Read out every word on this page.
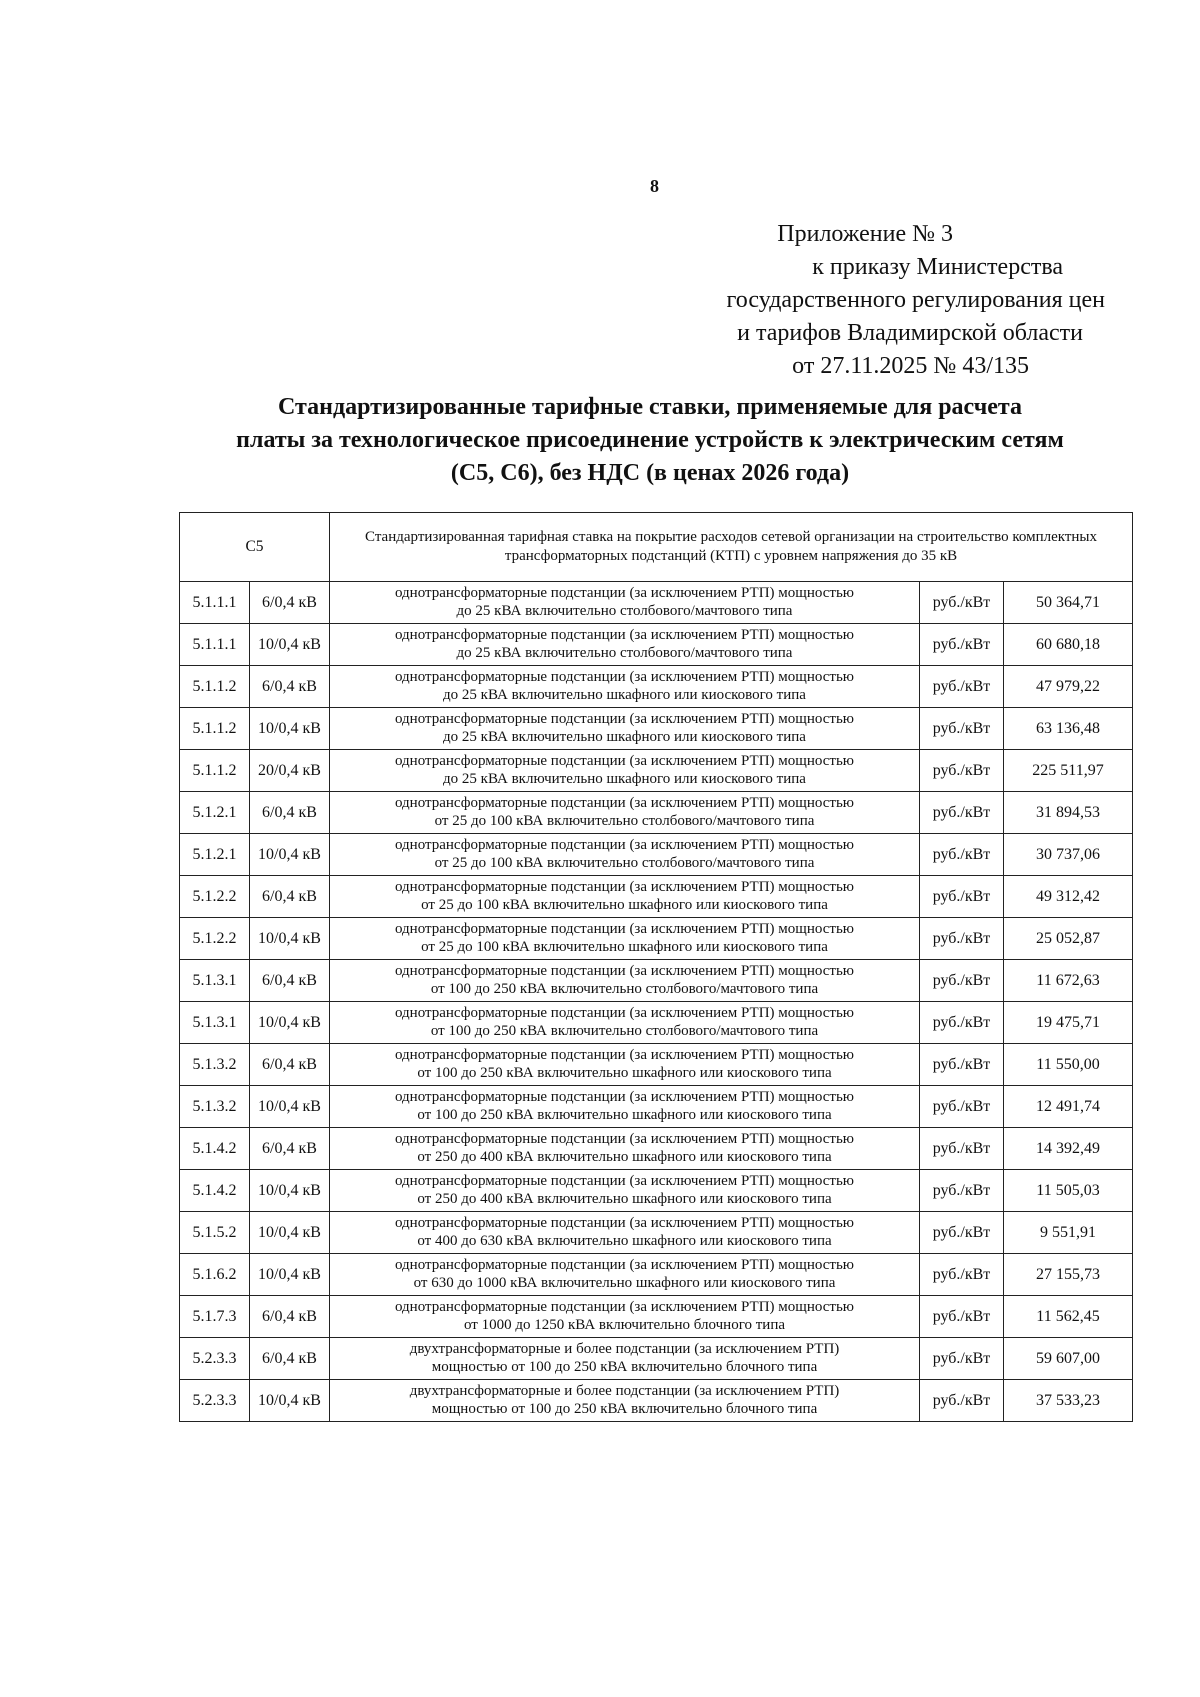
8
Приложение № 3
к приказу Министерства
государственного регулирования цен
и тарифов Владимирской области
от 27.11.2025 № 43/135
Стандартизированные тарифные ставки, применяемые для расчета
платы за технологическое присоединение устройств к электрическим сетям
(С5, С6), без НДС (в ценах 2026 года)
С5		Стандартизированная тарифная ставка на покрытие расходов сетевой организации на строительство комплектных трансформаторных подстанций (КТП) с уровнем напряжения до 35 кВ		
5.1.1.1	6/0,4 кВ	однотрансформаторные подстанции (за исключением РТП) мощностью
до 25 кВА включительно столбового/мачтового типа	руб./кВт	50 364,71
5.1.1.1	10/0,4 кВ	однотрансформаторные подстанции (за исключением РТП) мощностью
до 25 кВА включительно столбового/мачтового типа	руб./кВт	60 680,18
5.1.1.2	6/0,4 кВ	однотрансформаторные подстанции (за исключением РТП) мощностью
до 25 кВА включительно шкафного или киоскового типа	руб./кВт	47 979,22
5.1.1.2	10/0,4 кВ	однотрансформаторные подстанции (за исключением РТП) мощностью
до 25 кВА включительно шкафного или киоскового типа	руб./кВт	63 136,48
5.1.1.2	20/0,4 кВ	однотрансформаторные подстанции (за исключением РТП) мощностью
до 25 кВА включительно шкафного или киоскового типа	руб./кВт	225 511,97
5.1.2.1	6/0,4 кВ	однотрансформаторные подстанции (за исключением РТП) мощностью
от 25 до 100 кВА включительно столбового/мачтового типа	руб./кВт	31 894,53
5.1.2.1	10/0,4 кВ	однотрансформаторные подстанции (за исключением РТП) мощностью
от 25 до 100 кВА включительно столбового/мачтового типа	руб./кВт	30 737,06
5.1.2.2	6/0,4 кВ	однотрансформаторные подстанции (за исключением РТП) мощностью
от 25 до 100 кВА включительно шкафного или киоскового типа	руб./кВт	49 312,42
5.1.2.2	10/0,4 кВ	однотрансформаторные подстанции (за исключением РТП) мощностью
от 25 до 100 кВА включительно шкафного или киоскового типа	руб./кВт	25 052,87
5.1.3.1	6/0,4 кВ	однотрансформаторные подстанции (за исключением РТП) мощностью
от 100 до 250 кВА включительно столбового/мачтового типа	руб./кВт	11 672,63
5.1.3.1	10/0,4 кВ	однотрансформаторные подстанции (за исключением РТП) мощностью
от 100 до 250 кВА включительно столбового/мачтового типа	руб./кВт	19 475,71
5.1.3.2	6/0,4 кВ	однотрансформаторные подстанции (за исключением РТП) мощностью
от 100 до 250 кВА включительно шкафного или киоскового типа	руб./кВт	11 550,00
5.1.3.2	10/0,4 кВ	однотрансформаторные подстанции (за исключением РТП) мощностью
от 100 до 250 кВА включительно шкафного или киоскового типа	руб./кВт	12 491,74
5.1.4.2	6/0,4 кВ	однотрансформаторные подстанции (за исключением РТП) мощностью
от 250 до 400 кВА включительно шкафного или киоскового типа	руб./кВт	14 392,49
5.1.4.2	10/0,4 кВ	однотрансформаторные подстанции (за исключением РТП) мощностью
от 250 до 400 кВА включительно шкафного или киоскового типа	руб./кВт	11 505,03
5.1.5.2	10/0,4 кВ	однотрансформаторные подстанции (за исключением РТП) мощностью
от 400 до 630 кВА включительно шкафного или киоскового типа	руб./кВт	9 551,91
5.1.6.2	10/0,4 кВ	однотрансформаторные подстанции (за исключением РТП) мощностью
от 630 до 1000 кВА включительно шкафного или киоскового типа	руб./кВт	27 155,73
5.1.7.3	6/0,4 кВ	однотрансформаторные подстанции (за исключением РТП) мощностью
от 1000 до 1250 кВА включительно блочного типа	руб./кВт	11 562,45
5.2.3.3	6/0,4 кВ	двухтрансформаторные и более подстанции (за исключением РТП)
мощностью от 100 до 250 кВА включительно блочного типа	руб./кВт	59 607,00
5.2.3.3	10/0,4 кВ	двухтрансформаторные и более подстанции (за исключением РТП)
мощностью от 100 до 250 кВА включительно блочного типа	руб./кВт	37 533,23
